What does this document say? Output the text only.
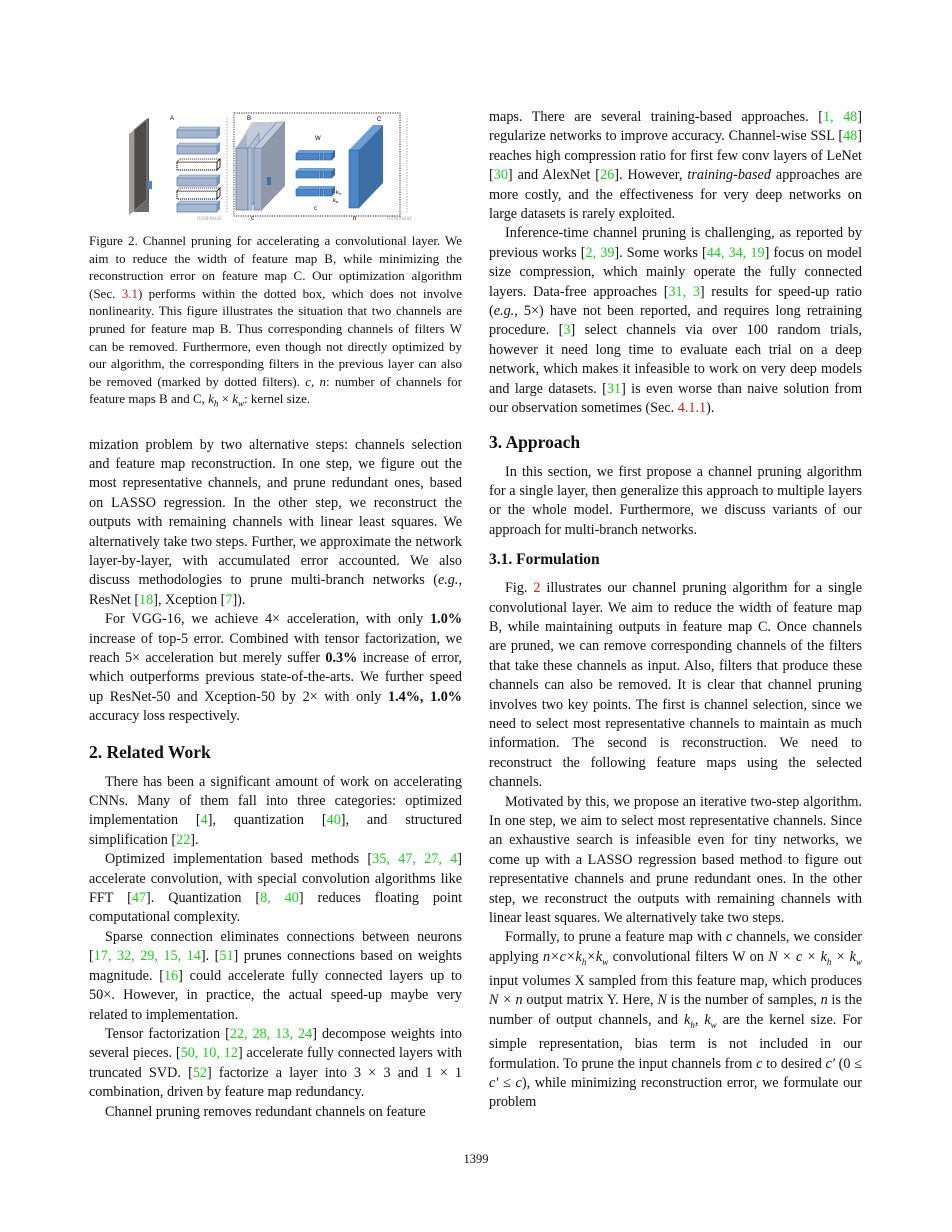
A
nonlinear
B
c
W
c
kh
kw
C
n	nonlinear

Figure 2. Channel pruning for accelerating a convolutional layer. We aim to reduce the width of feature map B, while minimizing the reconstruction error on feature map C. Our optimization algorithm (Sec. 3.1) performs within the dotted box, which does not involve nonlinearity. This figure illustrates the situation that two channels are pruned for feature map B. Thus corresponding channels of filters W can be removed. Furthermore, even though not directly optimized by our algorithm, the corresponding filters in the previous layer can also be removed (marked by dotted filters). c, n: number of channels for feature maps B and C, $k_h \times k_w$: kernel size.

mization problem by two alternative steps: channels selection and feature map reconstruction. In one step, we figure out the most representative channels, and prune redundant ones, based on LASSO regression. In the other step, we reconstruct the outputs with remaining channels with linear least squares. We alternatively take two steps. Further, we approximate the network layer-by-layer, with accumulated error accounted. We also discuss methodologies to prune multi-branch networks (e.g., ResNet [18], Xception [7]).

For VGG-16, we achieve 4× acceleration, with only 1.0% increase of top-5 error. Combined with tensor factorization, we reach 5× acceleration but merely suffer 0.3% increase of error, which outperforms previous state-of-the-arts. We further speed up ResNet-50 and Xception-50 by 2× with only 1.4%, 1.0% accuracy loss respectively.

2. Related Work

There has been a significant amount of work on accelerating CNNs. Many of them fall into three categories: optimized implementation [4], quantization [40], and structured simplification [22].

Optimized implementation based methods [35, 47, 27, 4] accelerate convolution, with special convolution algorithms like FFT [47]. Quantization [8, 40] reduces floating point computational complexity.

Sparse connection eliminates connections between neurons [17, 32, 29, 15, 14]. [51] prunes connections based on weights magnitude. [16] could accelerate fully connected layers up to 50×. However, in practice, the actual speed-up maybe very related to implementation.

Tensor factorization [22, 28, 13, 24] decompose weights into several pieces. [50, 10, 12] accelerate fully connected layers with truncated SVD. [52] factorize a layer into 3 × 3 and 1 × 1 combination, driven by feature map redundancy.

Channel pruning removes redundant channels on feature

maps. There are several training-based approaches. [1, 48] regularize networks to improve accuracy. Channel-wise SSL [48] reaches high compression ratio for first few conv layers of LeNet [30] and AlexNet [26]. However, training-based approaches are more costly, and the effectiveness for very deep networks on large datasets is rarely exploited.

Inference-time channel pruning is challenging, as reported by previous works [2, 39]. Some works [44, 34, 19] focus on model size compression, which mainly operate the fully connected layers. Data-free approaches [31, 3] results for speed-up ratio (e.g., 5×) have not been reported, and requires long retraining procedure. [3] select channels via over 100 random trials, however it need long time to evaluate each trial on a deep network, which makes it infeasible to work on very deep models and large datasets. [31] is even worse than naive solution from our observation sometimes (Sec. 4.1.1).

3. Approach

In this section, we first propose a channel pruning algorithm for a single layer, then generalize this approach to multiple layers or the whole model. Furthermore, we discuss variants of our approach for multi-branch networks.

3.1. Formulation

Fig. 2 illustrates our channel pruning algorithm for a single convolutional layer. We aim to reduce the width of feature map B, while maintaining outputs in feature map C. Once channels are pruned, we can remove corresponding channels of the filters that take these channels as input. Also, filters that produce these channels can also be removed. It is clear that channel pruning involves two key points. The first is channel selection, since we need to select most representative channels to maintain as much information. The second is reconstruction. We need to reconstruct the following feature maps using the selected channels.

Motivated by this, we propose an iterative two-step algorithm. In one step, we aim to select most representative channels. Since an exhaustive search is infeasible even for tiny networks, we come up with a LASSO regression based method to figure out representative channels and prune redundant ones. In the other step, we reconstruct the outputs with remaining channels with linear least squares. We alternatively take two steps.

Formally, to prune a feature map with c channels, we consider applying $n\times c\times k_h\times k_w$ convolutional filters W on $N \times c \times k_h \times k_w$ input volumes X sampled from this feature map, which produces N × n output matrix Y. Here, N is the number of samples, n is the number of output channels, and $k_h$, $k_w$ are the kernel size. For simple representation, bias term is not included in our formulation. To prune the input channels from c to desired c′ (0 ≤ c′ ≤ c), while minimizing reconstruction error, we formulate our problem

1399
